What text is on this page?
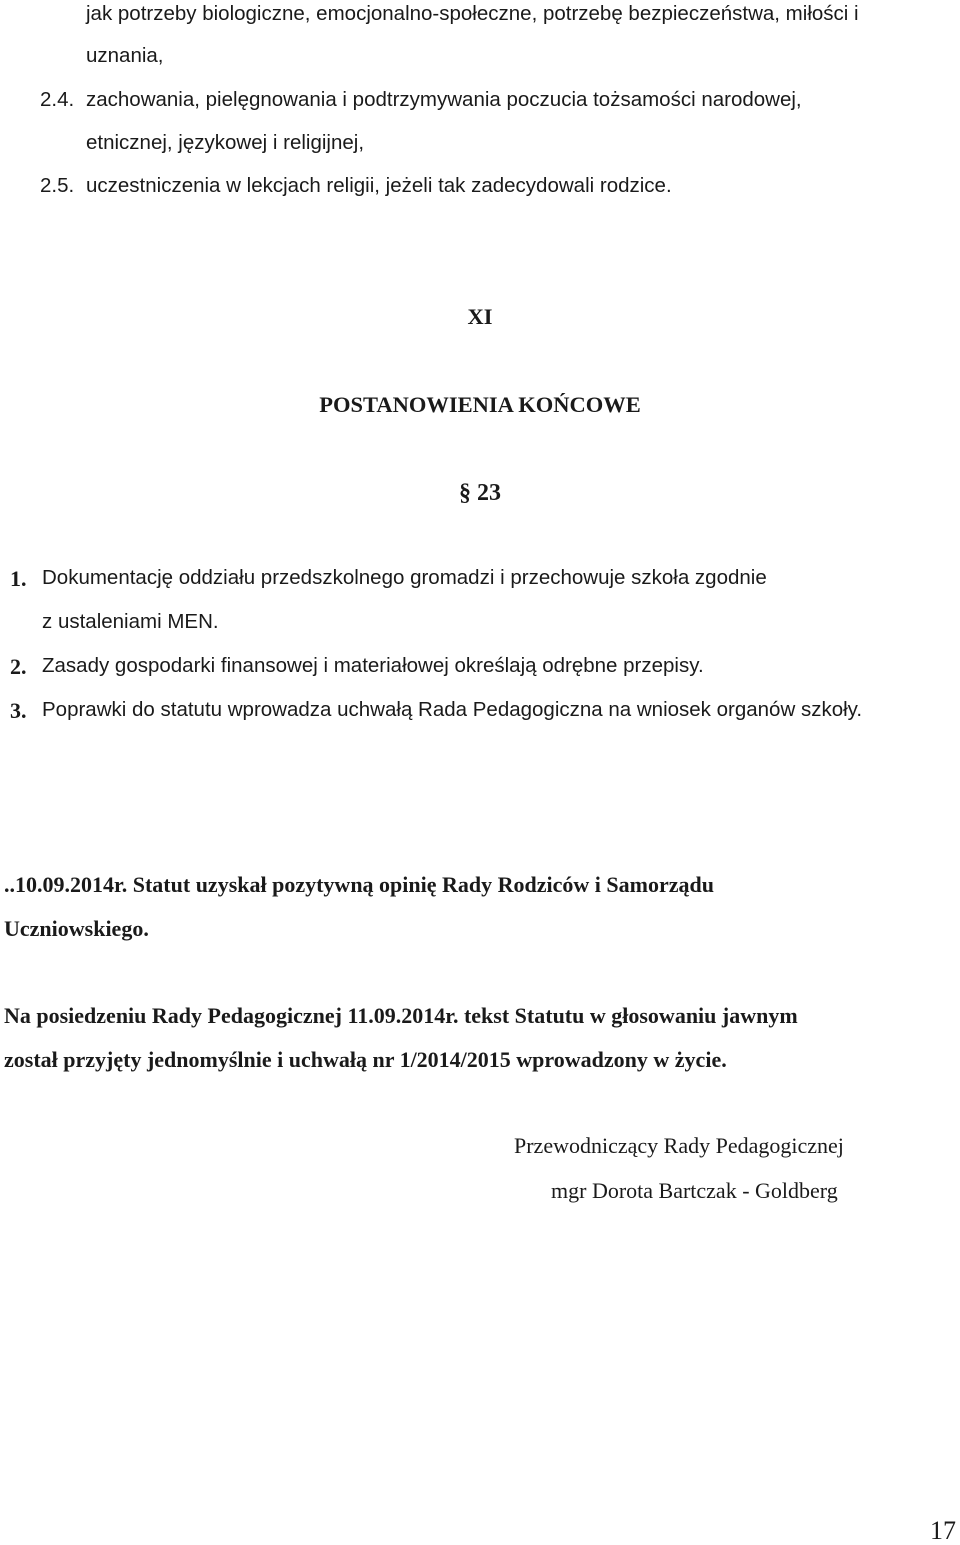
jak potrzeby biologiczne, emocjonalno-społeczne, potrzebę bezpieczeństwa, miłości i
uznania,
2.4. zachowania, pielęgnowania i podtrzymywania poczucia tożsamości narodowej,
etnicznej, językowej i religijnej,
2.5. uczestniczenia w lekcjach religii, jeżeli tak zadecydowali rodzice.
XI
POSTANOWIENIA KOŃCOWE
§ 23
1. Dokumentację oddziału przedszkolnego gromadzi i przechowuje szkoła zgodnie
z ustaleniami MEN.
2. Zasady gospodarki finansowej i materiałowej określają odrębne przepisy.
3. Poprawki do statutu wprowadza uchwałą Rada Pedagogiczna na wniosek organów szkoły.
..10.09.2014r. Statut uzyskał pozytywną opinię Rady Rodziców i Samorządu
Uczniowskiego.
Na posiedzeniu Rady Pedagogicznej 11.09.2014r. tekst Statutu w głosowaniu jawnym
został przyjęty jednomyślnie i uchwałą nr 1/2014/2015 wprowadzony w życie.
Przewodniczący Rady Pedagogicznej
mgr Dorota Bartczak - Goldberg
17
